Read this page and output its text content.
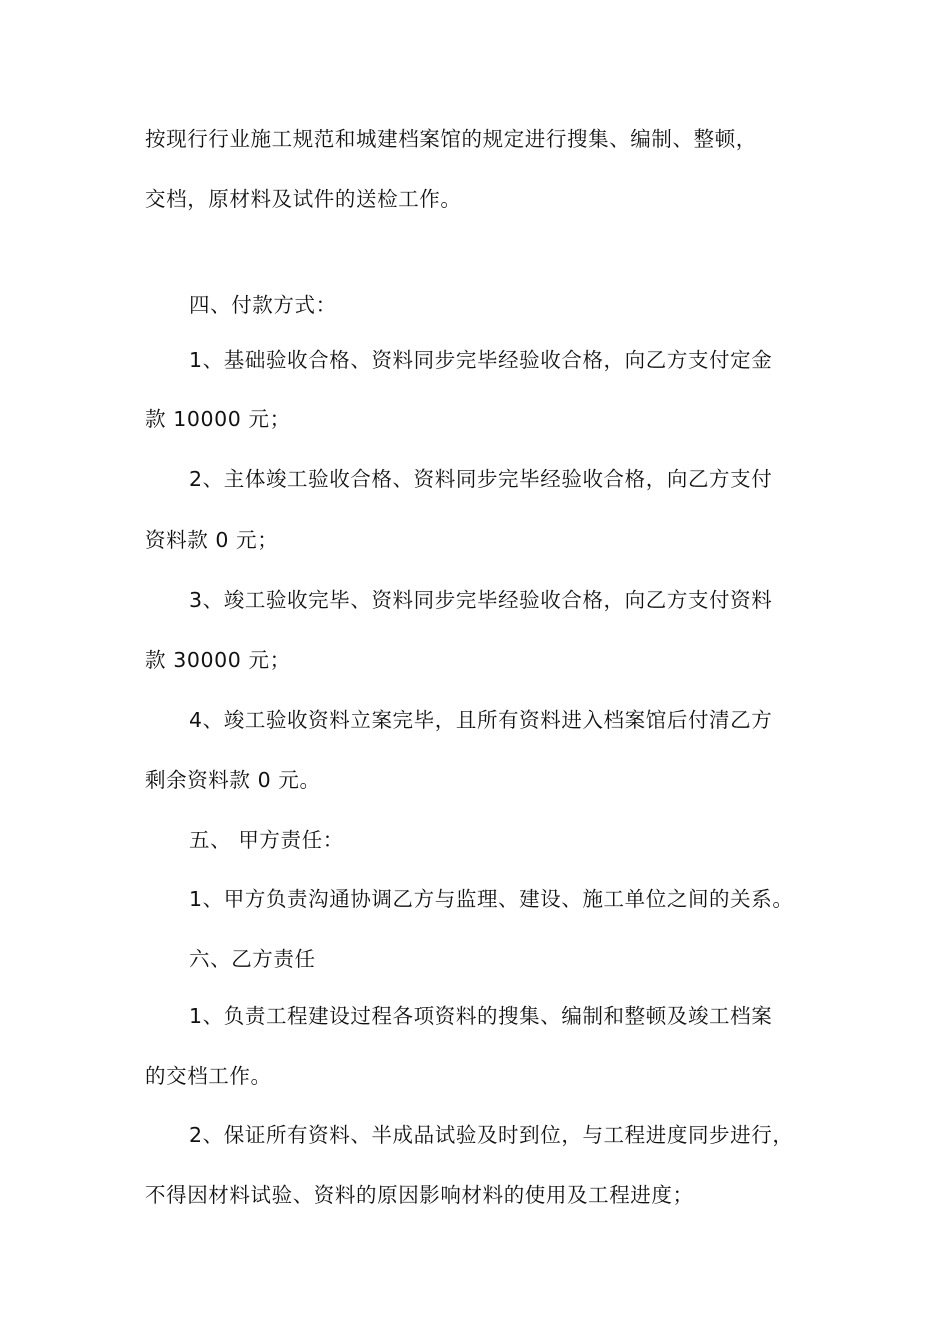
按现行行业施工规范和城建档案馆的规定进行搜集、编制、整顿，
交档，原材料及试件的送检工作。
四、付款方式：
1、基础验收合格、资料同步完毕经验收合格，向乙方支付定金
款 10000 元；
2、主体竣工验收合格、资料同步完毕经验收合格，向乙方支付
资料款 0 元；
3、竣工验收完毕、资料同步完毕经验收合格，向乙方支付资料
款 30000 元；
4、竣工验收资料立案完毕，且所有资料进入档案馆后付清乙方
剩余资料款 0 元。
五、 甲方责任：
1、甲方负责沟通协调乙方与监理、建设、施工单位之间的关系。
六、乙方责任
1、负责工程建设过程各项资料的搜集、编制和整顿及竣工档案
的交档工作。
2、保证所有资料、半成品试验及时到位，与工程进度同步进行，
不得因材料试验、资料的原因影响材料的使用及工程进度；
